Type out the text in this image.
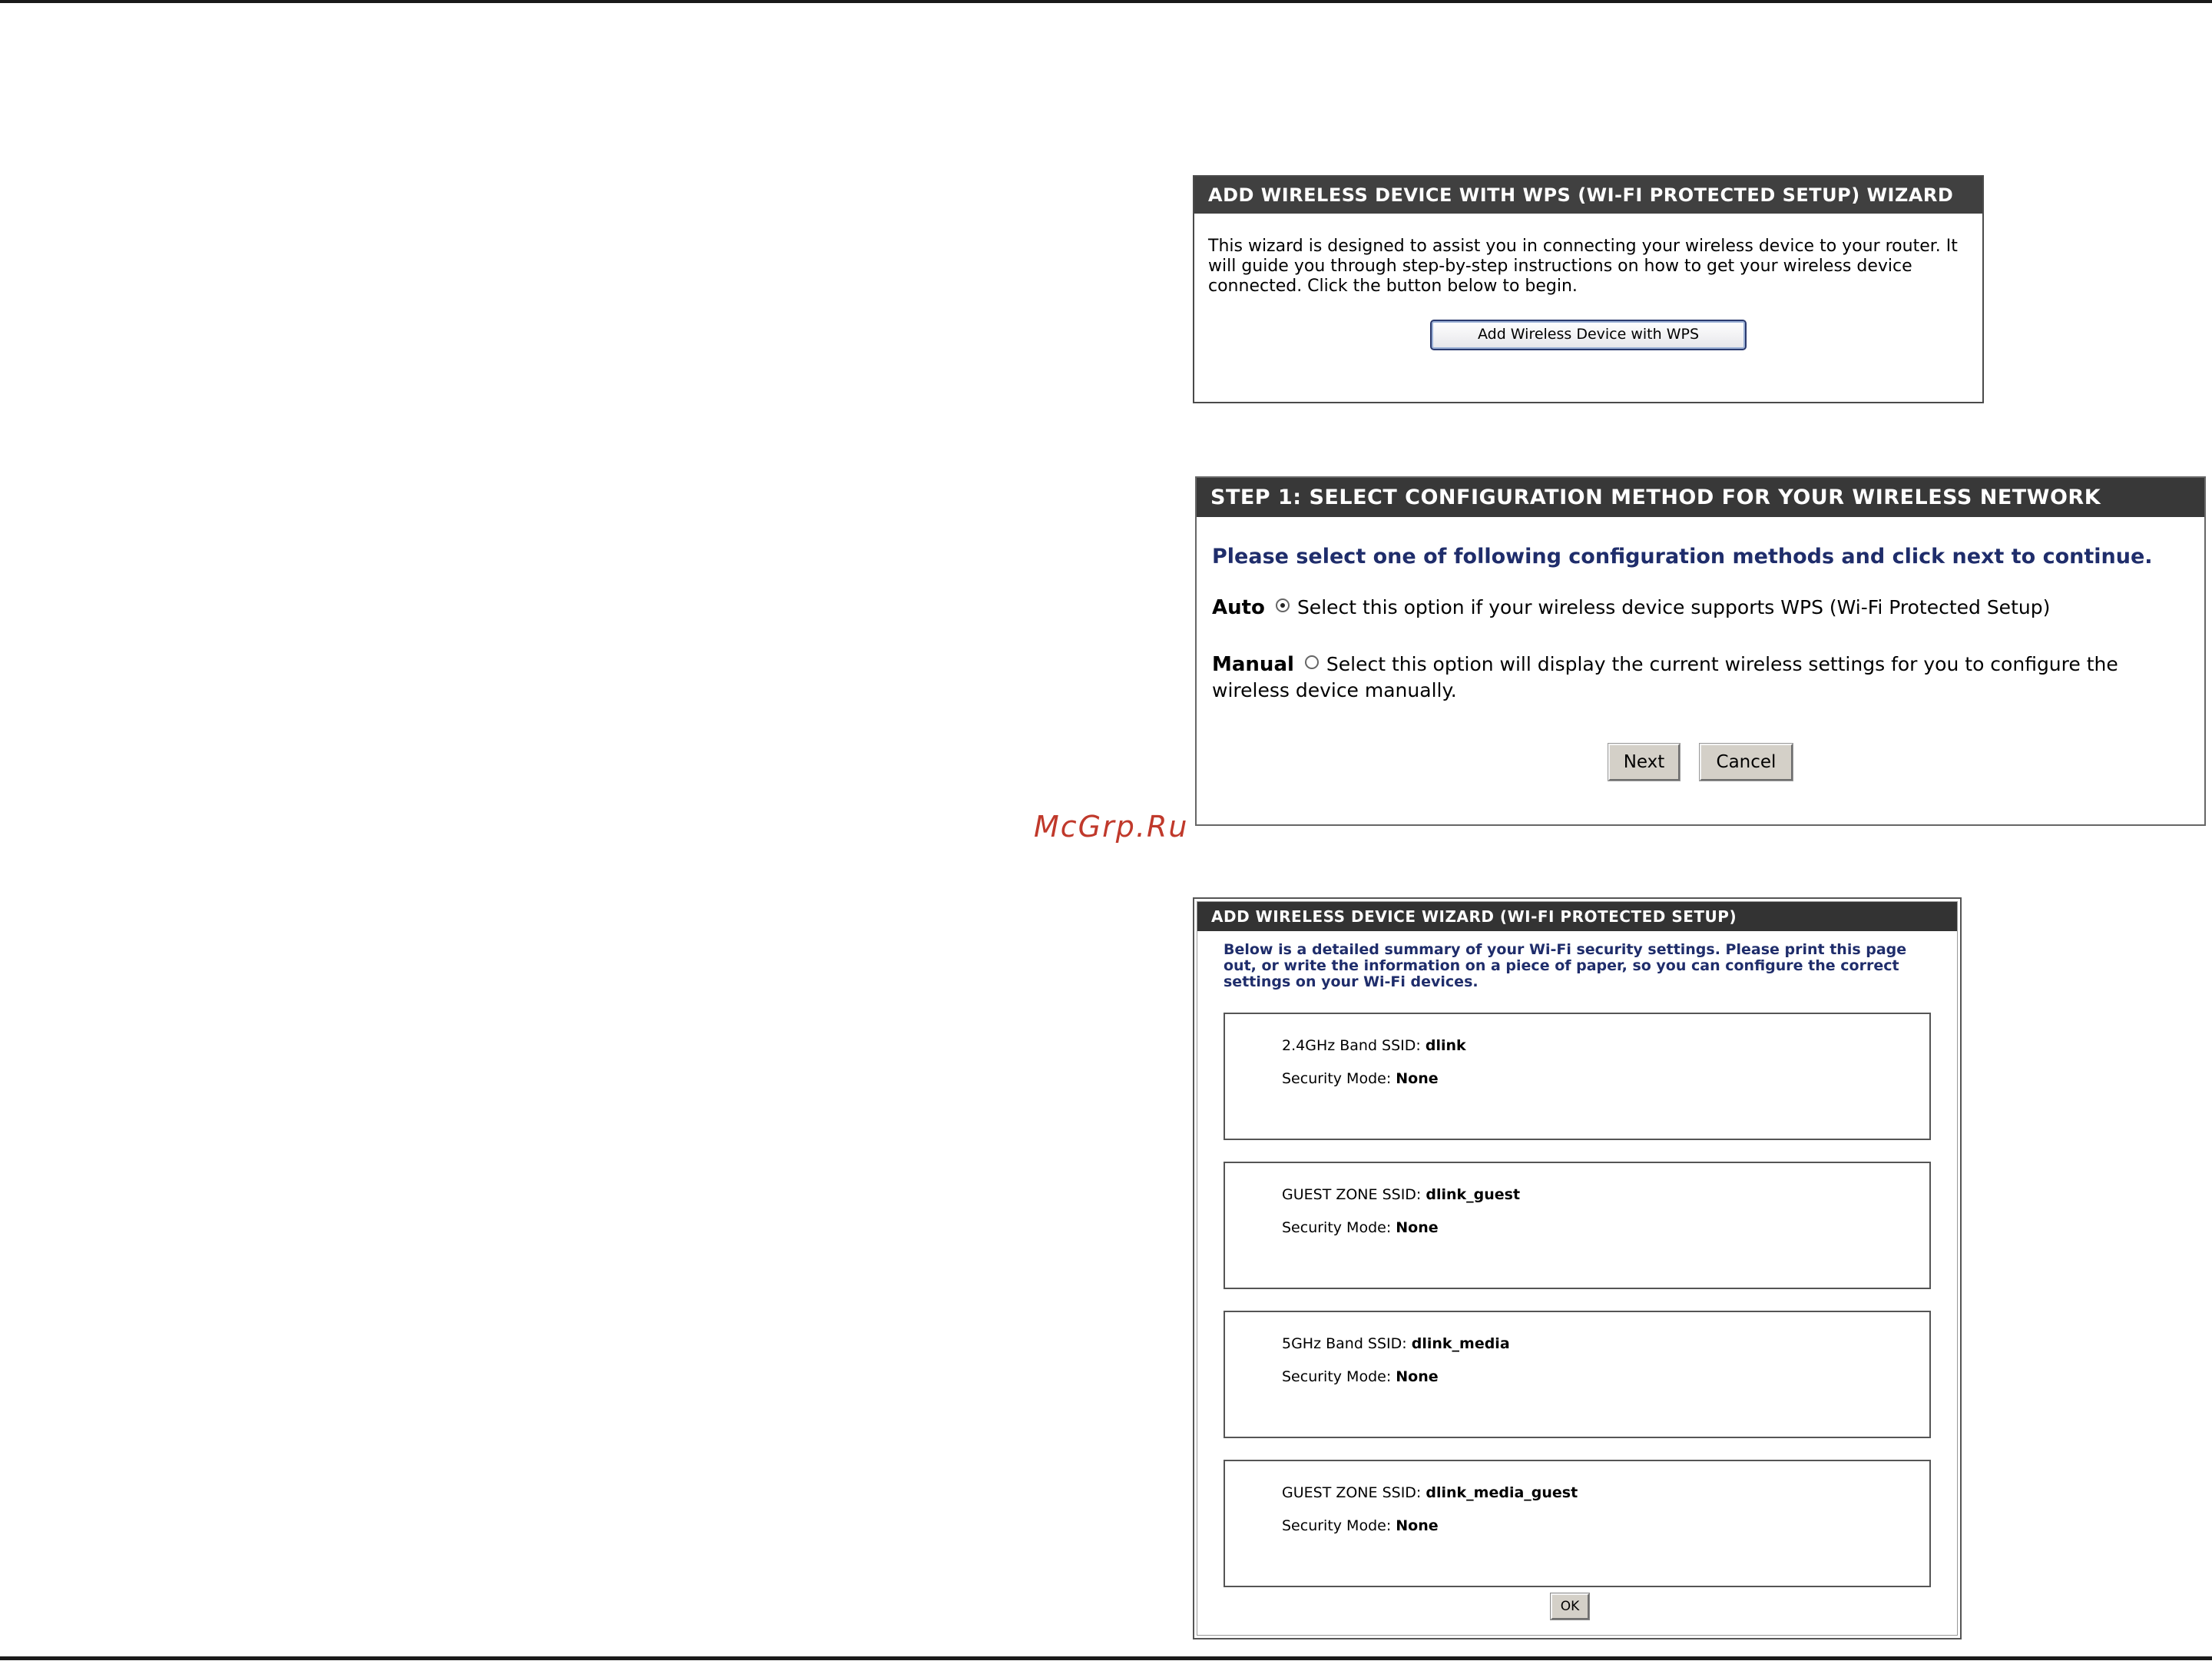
ADD WIRELESS DEVICE WITH WPS (WI-FI PROTECTED SETUP) WIZARD
This wizard is designed to assist you in connecting your wireless device to your router. It will guide you through step-by-step instructions on how to get your wireless device connected. Click the button below to begin.
Add Wireless Device with WPS
STEP 1: SELECT CONFIGURATION METHOD FOR YOUR WIRELESS NETWORK
Please select one of following configuration methods and click next to continue.
Auto Select this option if your wireless device supports WPS (Wi-Fi Protected Setup)
Manual Select this option will display the current wireless settings for you to configure the wireless device manually.
Next	Cancel
McGrp.Ru
ADD WIRELESS DEVICE WIZARD (WI-FI PROTECTED SETUP)
Below is a detailed summary of your Wi-Fi security settings. Please print this page out, or write the information on a piece of paper, so you can configure the correct settings on your Wi-Fi devices.
2.4GHz Band SSID: dlink
Security Mode: None
GUEST ZONE SSID: dlink_guest
Security Mode: None
5GHz Band SSID: dlink_media
Security Mode: None
GUEST ZONE SSID: dlink_media_guest
Security Mode: None
OK
